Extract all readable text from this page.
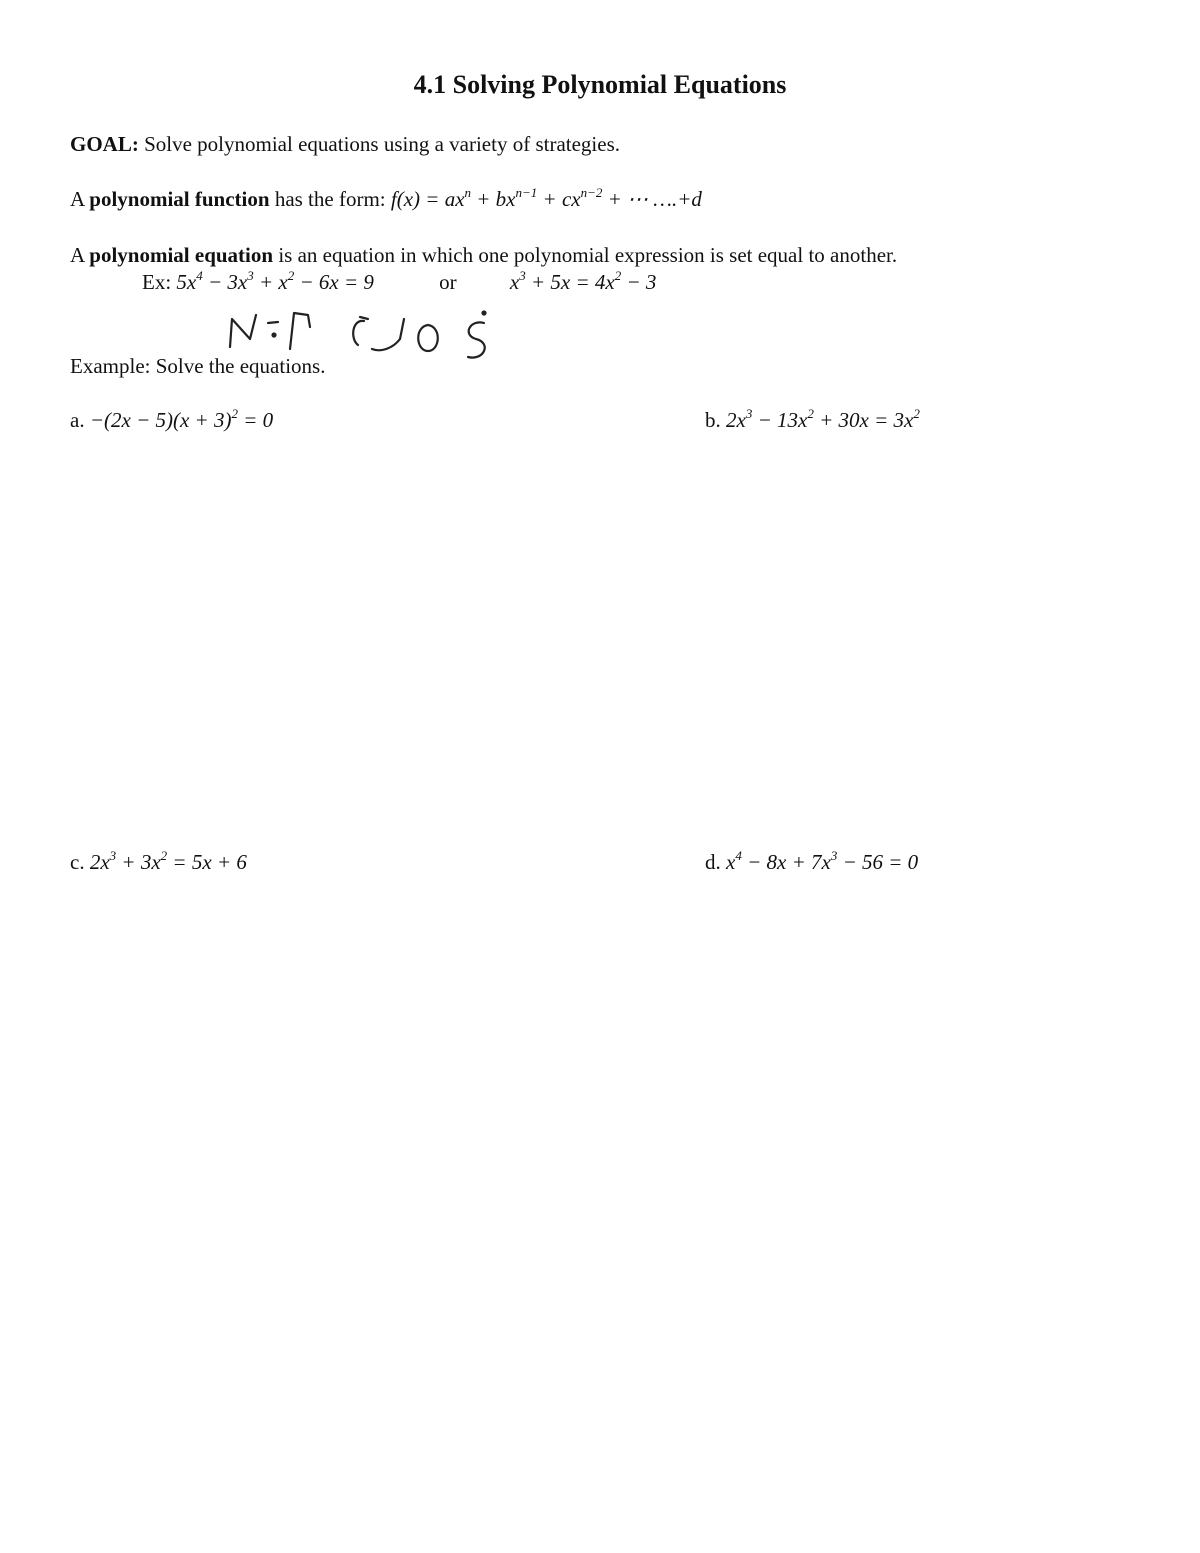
4.1 Solving Polynomial Equations
GOAL: Solve polynomial equations using a variety of strategies.
A polynomial function has the form: $f(x) = ax^n + bx^{n-1} + cx^{n-2}$ + ⋯ ….+d
A polynomial equation is an equation in which one polynomial expression is set equal to another.
Ex: $5x^4 - 3x^3 + x^2 - 6x = 9$	or	$x^3 + 5x = 4x^2 - 3$
Example: Solve the equations.
a. $-(2x - 5)(x + 3)^2 = 0$	b. $2x^3 - 13x^2 + 30x = 3x^2$
c. $2x^3 + 3x^2 = 5x + 6$	d. $x^4 - 8x + 7x^3 - 56 = 0$
